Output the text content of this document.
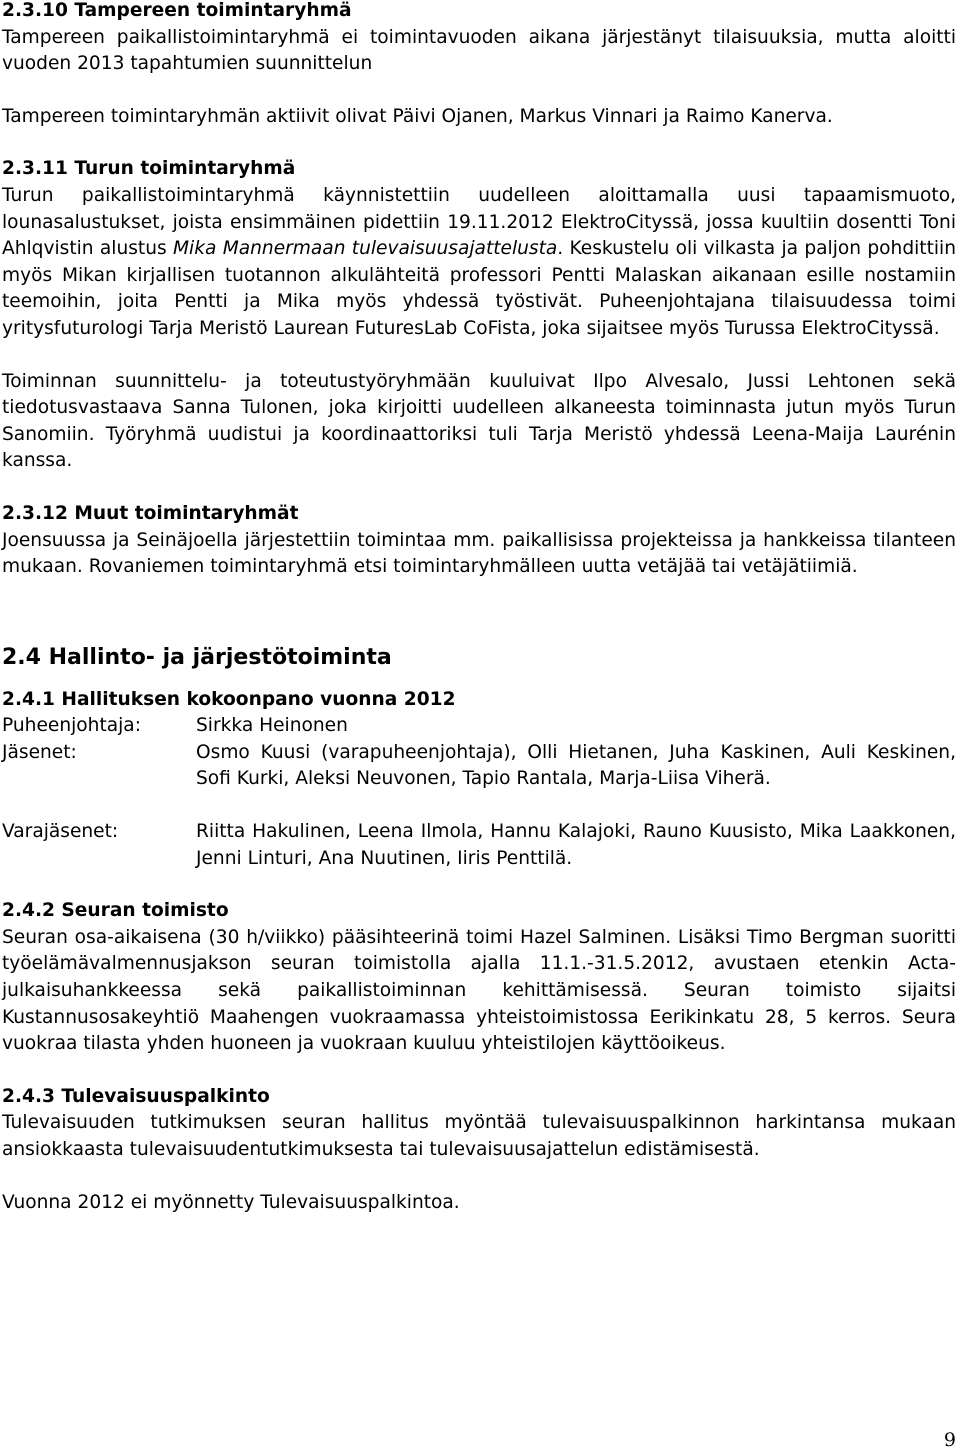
2.3.10 Tampereen toimintaryhmä
Tampereen paikallistoimintaryhmä ei toimintavuoden aikana järjestänyt tilaisuuksia, mutta aloitti vuoden 2013 tapahtumien suunnittelun
Tampereen toimintaryhmän aktiivit olivat Päivi Ojanen, Markus Vinnari ja Raimo Kanerva.
2.3.11 Turun toimintaryhmä
Turun paikallistoimintaryhmä käynnistettiin uudelleen aloittamalla uusi tapaamismuoto, lounasalustukset, joista ensimmäinen pidettiin 19.11.2012 ElektroCityssä, jossa kuultiin dosentti Toni Ahlqvistin alustus Mika Mannermaan tulevaisuusajattelusta. Keskustelu oli vilkasta ja paljon pohdittiin myös Mikan kirjallisen tuotannon alkulähteitä professori Pentti Malaskan aikanaan esille nostamiin teemoihin, joita Pentti ja Mika myös yhdessä työstivät. Puheenjohtajana tilaisuudessa toimi yritysfuturologi Tarja Meristö Laurean FuturesLab CoFista, joka sijaitsee myös Turussa ElektroCityssä.
Toiminnan suunnittelu- ja toteutustyöryhmään kuuluivat Ilpo Alvesalo, Jussi Lehtonen sekä tiedotusvastaava Sanna Tulonen, joka kirjoitti uudelleen alkaneesta toiminnasta jutun myös Turun Sanomiin. Työryhmä uudistui ja koordinaattoriksi tuli Tarja Meristö yhdessä Leena-Maija Laurénin kanssa.
2.3.12 Muut toimintaryhmät
Joensuussa ja Seinäjoella järjestettiin toimintaa mm. paikallisissa projekteissa ja hankkeissa tilanteen mukaan. Rovaniemen toimintaryhmä etsi toimintaryhmälleen uutta vetäjää tai vetäjätiimiä.
2.4 Hallinto- ja järjestötoiminta
2.4.1 Hallituksen kokoonpano vuonna 2012
Puheenjohtaja:	Sirkka Heinonen
Jäsenet:	Osmo Kuusi (varapuheenjohtaja), Olli Hietanen, Juha Kaskinen, Auli Keskinen, Sofi Kurki, Aleksi Neuvonen, Tapio Rantala, Marja-Liisa Viherä.
Varajäsenet:	Riitta Hakulinen, Leena Ilmola, Hannu Kalajoki, Rauno Kuusisto, Mika Laakkonen, Jenni Linturi, Ana Nuutinen, Iiris Penttilä.
2.4.2 Seuran toimisto
Seuran osa-aikaisena (30 h/viikko) pääsihteerinä toimi Hazel Salminen. Lisäksi Timo Bergman suoritti työelämävalmennusjakson seuran toimistolla ajalla 11.1.-31.5.2012, avustaen etenkin Acta-julkaisuhankkeessa sekä paikallistoiminnan kehittämisessä. Seuran toimisto sijaitsi Kustannusosakeyhtiö Maahengen vuokraamassa yhteistoimistossa Eerikinkatu 28, 5 kerros. Seura vuokraa tilasta yhden huoneen ja vuokraan kuuluu yhteistilojen käyttöoikeus.
2.4.3 Tulevaisuuspalkinto
Tulevaisuuden tutkimuksen seuran hallitus myöntää tulevaisuuspalkinnon harkintansa mukaan ansiokkaasta tulevaisuudentutkimuksesta tai tulevaisuusajattelun edistämisestä.
Vuonna 2012 ei myönnetty Tulevaisuuspalkintoa.
9
